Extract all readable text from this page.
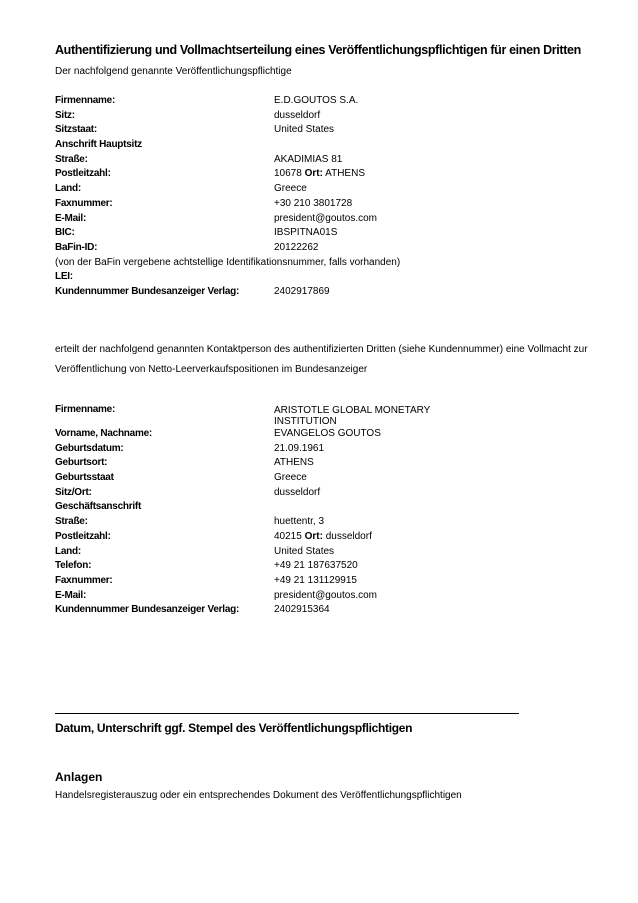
Authentifizierung und Vollmachtserteilung eines Veröffentlichungspflichtigen für einen Dritten
Der nachfolgend genannte Veröffentlichungspflichtige
Firmenname:	E.D.GOUTOS S.A.
Sitz:	dusseldorf
Sitzstaat:	United States
Anschrift Hauptsitz
Straße:	AKADIMIAS 81
Postleitzahl:	10678 Ort: ATHENS
Land:	Greece
Faxnummer:	+30 210 3801728
E-Mail:	president@goutos.com
BIC:	IBSPITNA01S
BaFin-ID:	20122262
(von der BaFin vergebene achtstellige Identifikationsnummer, falls vorhanden)
LEI:
Kundennummer Bundesanzeiger Verlag:	2402917869
erteilt der nachfolgend genannten Kontaktperson des authentifizierten Dritten (siehe Kundennummer) eine Vollmacht zur Veröffentlichung von Netto-Leerverkaufspositionen im Bundesanzeiger
Firmenname:	ARISTOTLE GLOBAL MONETARY INSTITUTION
Vorname, Nachname:	EVANGELOS GOUTOS
Geburtsdatum:	21.09.1961
Geburtsort:	ATHENS
Geburtsstaat	Greece
Sitz/Ort:	dusseldorf
Geschäftsanschrift
Straße:	huettentr, 3
Postleitzahl:	40215 Ort: dusseldorf
Land:	United States
Telefon:	+49 21 187637520
Faxnummer:	+49 21 131129915
E-Mail:	president@goutos.com
Kundennummer Bundesanzeiger Verlag:	2402915364
Datum, Unterschrift ggf. Stempel des Veröffentlichungspflichtigen
Anlagen
Handelsregisterauszug oder ein entsprechendes Dokument des Veröffentlichungspflichtigen
